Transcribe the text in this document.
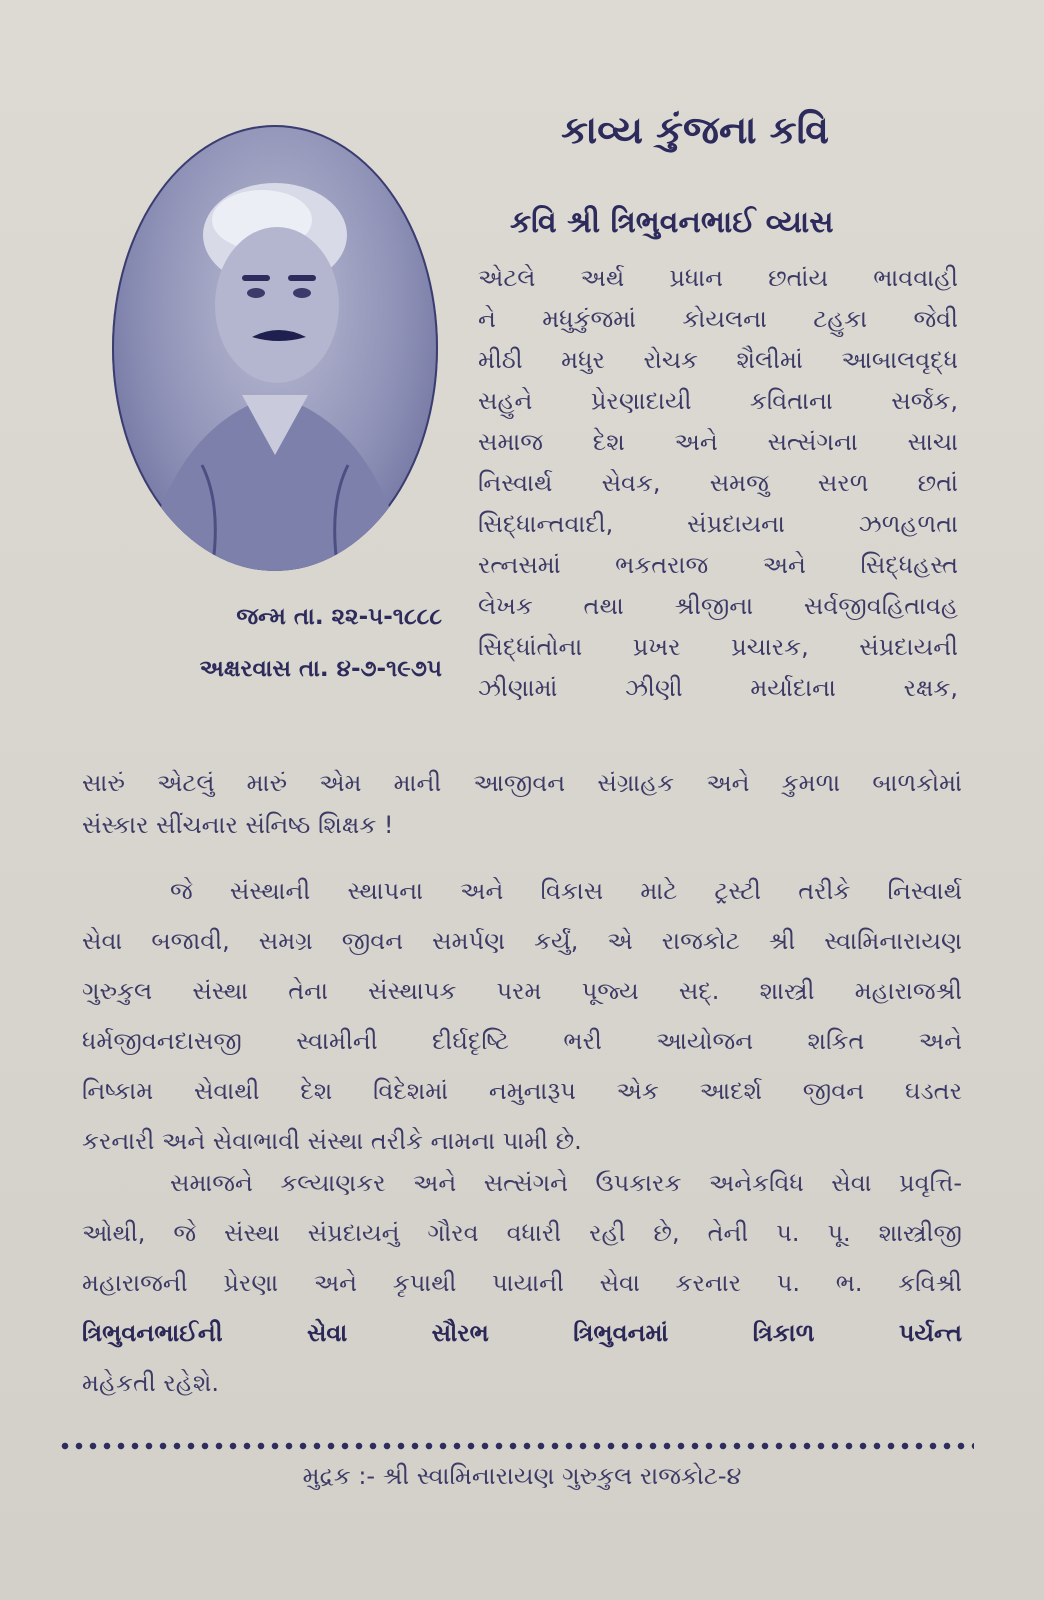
કાવ્ય કુંજના કવિ
કવિ શ્રી ત્રિભુવનભાઈ વ્યાસ
એટલે અર્થ પ્રધાન છતાંય ભાવવાહી
ને મધુકુંજમાં કોયલના ટહુકા જેવી
મીઠી મધુર રોચક શૈલીમાં આબાલવૃદ્ધ
સહુને પ્રેરણાદાયી કવિતાના સર્જક,
સમાજ દેશ અને સત્સંગના સાચા
નિસ્વાર્થ સેવક, સમજુ સરળ છતાં
સિદ્ધાન્તવાદી, સંપ્રદાયના ઝળહળતા
રત્નસમાં ભકતરાજ અને સિદ્ધહસ્ત
લેખક તથા શ્રીજીના સર્વજીવહિતાવહ
સિદ્ધાંતોના પ્રખર પ્રચારક, સંપ્રદાયની
ઝીણામાં ઝીણી મર્યાદાના રક્ષક,
જન્મ તા. ૨૨-૫-૧૮૮૮
અક્ષરવાસ તા. ૪-૭-૧૯૭૫
સારું એટલું મારું એમ માની આજીવન સંગ્રાહક અને કુમળા બાળકોમાં
સંસ્કાર સીંચનાર સંનિષ્ઠ શિક્ષક !
જે સંસ્થાની સ્થાપના અને વિકાસ માટે ટ્રસ્ટી તરીકે નિસ્વાર્થ
સેવા બજાવી, સમગ્ર જીવન સમર્પણ કર્યું, એ રાજકોટ શ્રી સ્વામિનારાયણ
ગુરુકુલ સંસ્થા તેના સંસ્થાપક પરમ પૂજ્ય સદ્. શાસ્ત્રી મહારાજશ્રી
ધર્મજીવનદાસજી સ્વામીની દીર્ઘદૃષ્ટિ ભરી આયોજન શકિત અને
નિષ્કામ સેવાથી દેશ વિદેશમાં નમુનારૂપ એક આદર્શ જીવન ઘડતર
કરનારી અને સેવાભાવી સંસ્થા તરીકે નામના પામી છે.
સમાજને કલ્યાણકર અને સત્સંગને ઉપકારક અનેકવિધ સેવા પ્રવૃત્તિ-
ઓથી, જે સંસ્થા સંપ્રદાયનું ગૌરવ વધારી રહી છે, તેની પ. પૂ. શાસ્ત્રીજી
મહારાજની પ્રેરણા અને કૃપાથી પાયાની સેવા કરનાર પ. ભ. કવિશ્રી
ત્રિભુવનભાઈની સેવા સૌરભ ત્રિભુવનમાં ત્રિકાળ પર્યન્ત
મહેકતી રહેશે.
મુદ્રક :- શ્રી સ્વામિનારાયણ ગુરુકુલ રાજકોટ-૪
